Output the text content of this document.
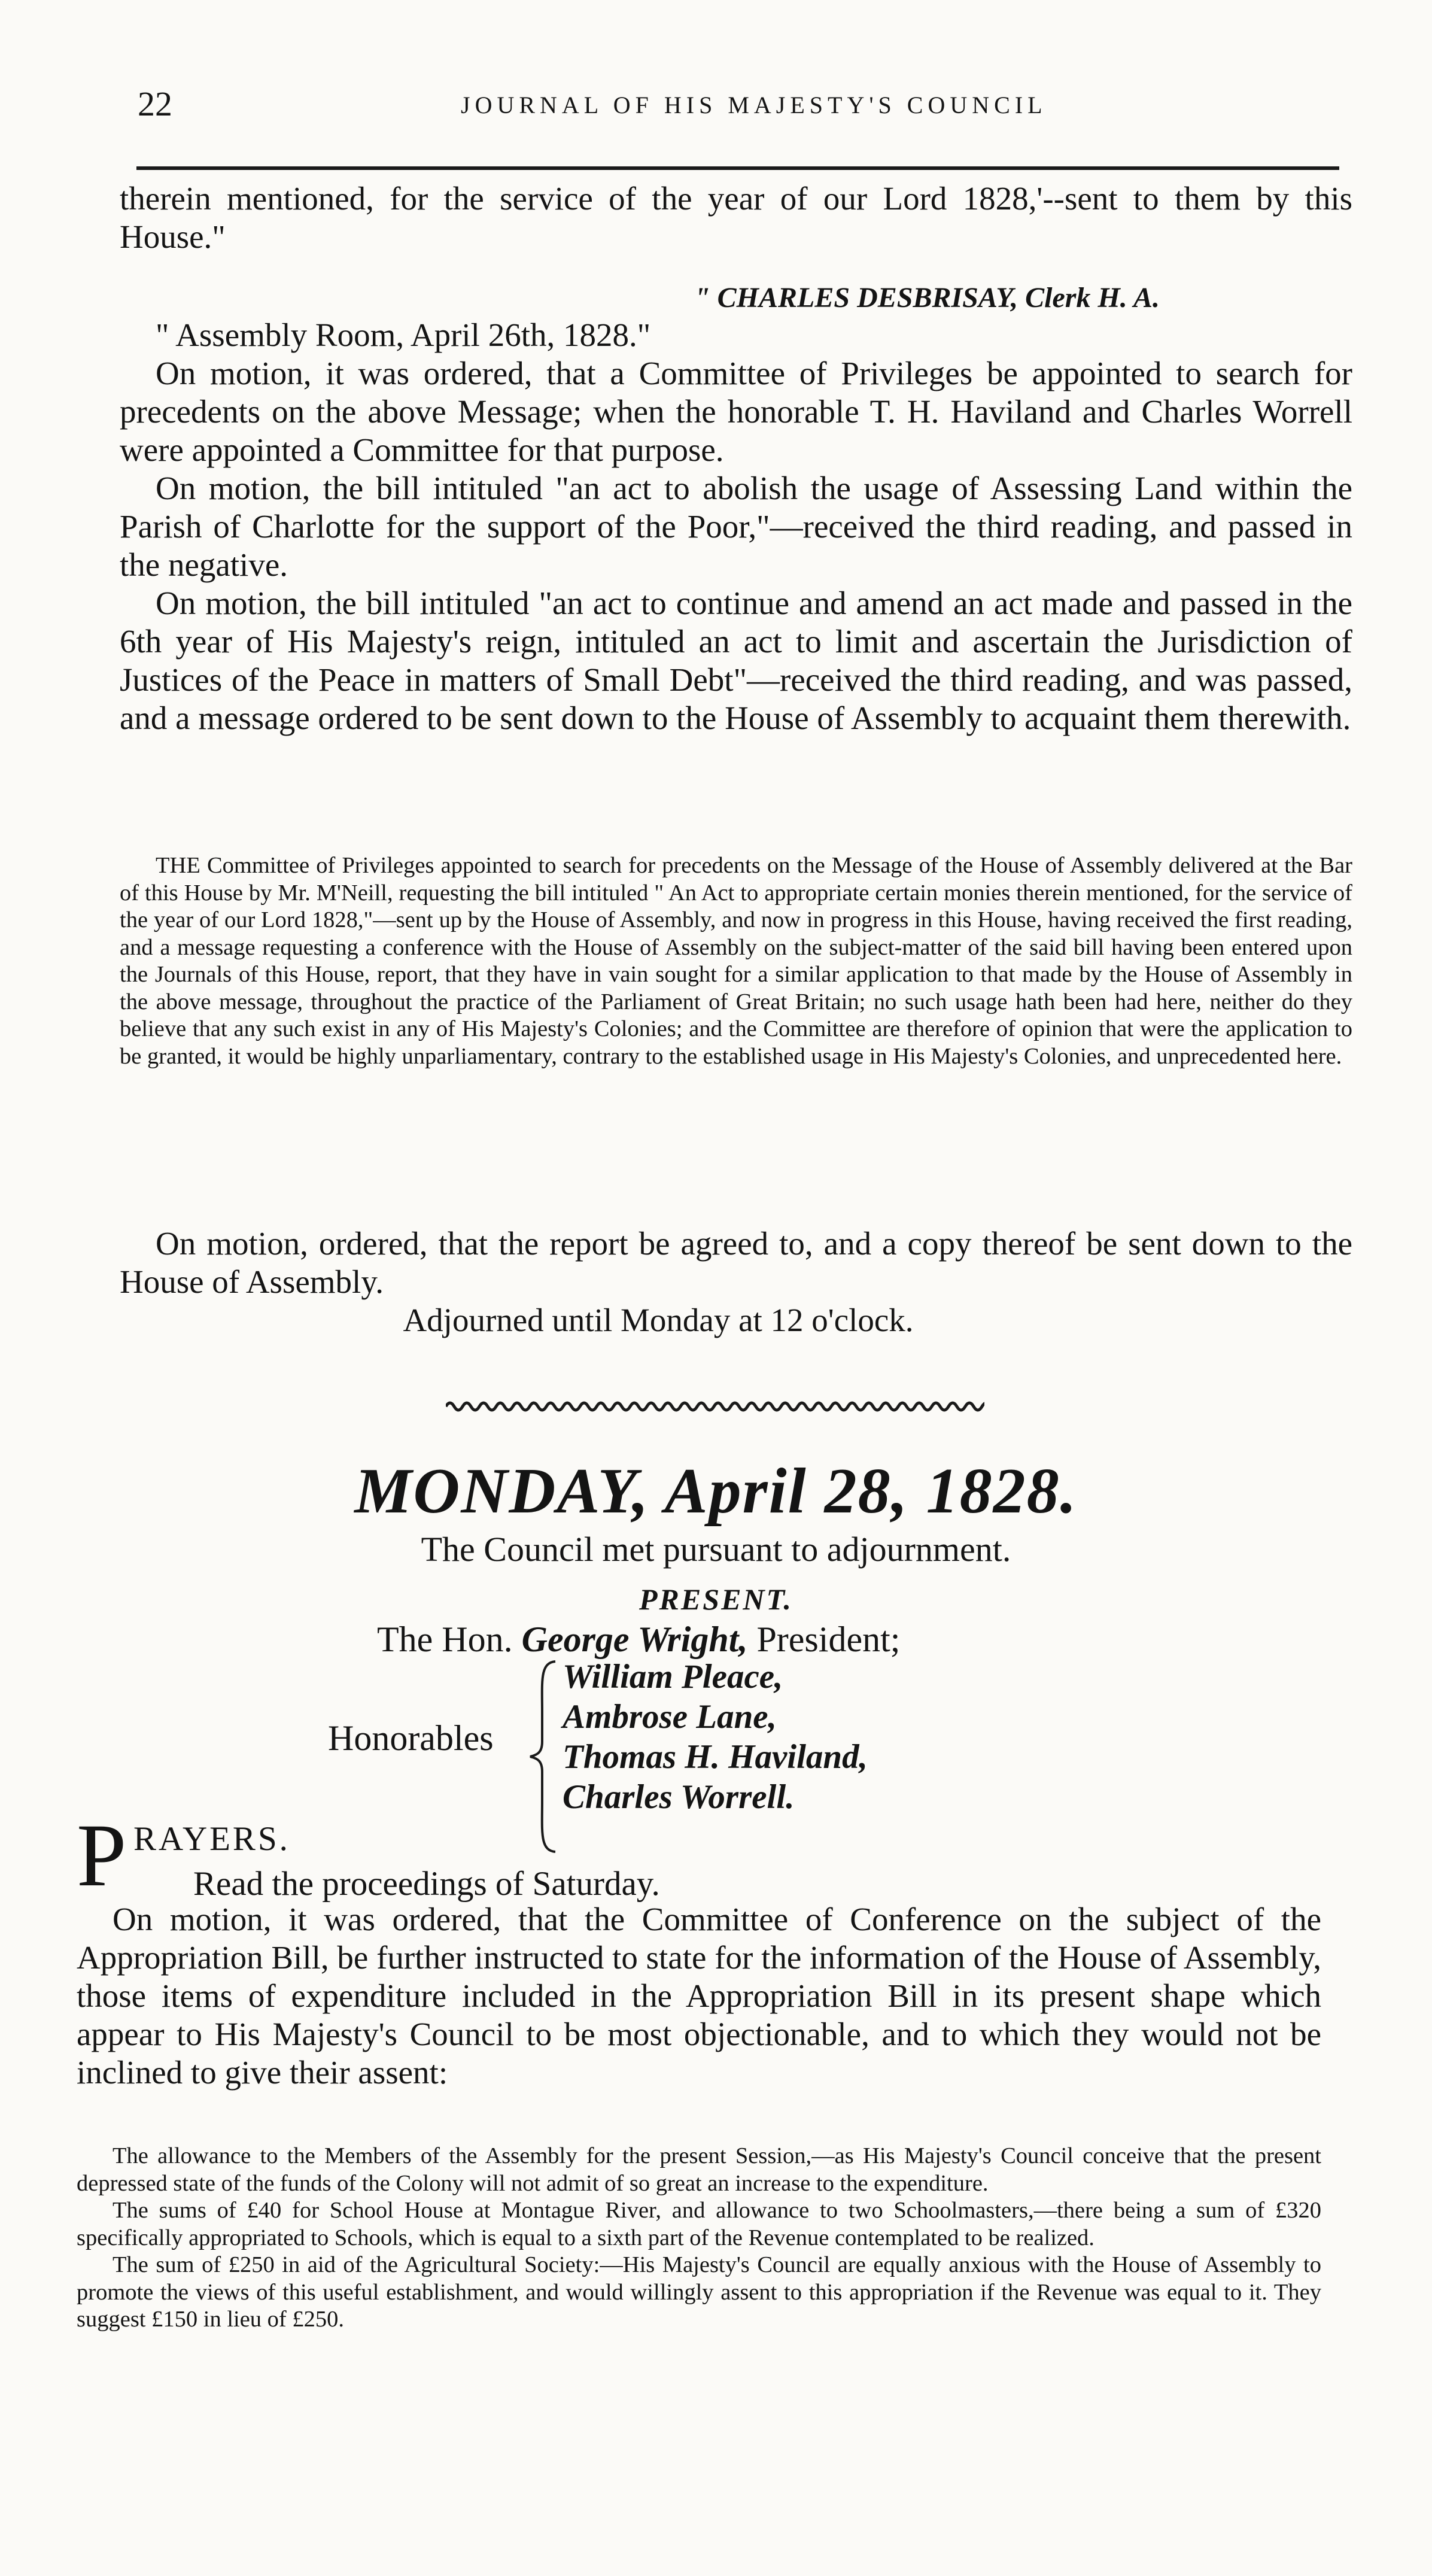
22	JOURNAL OF HIS MAJESTY'S COUNCIL

therein mentioned, for the service of the year of our Lord 1828,'--sent to them by this House."

" CHARLES DESBRISAY, Clerk H. A.

" Assembly Room, April 26th, 1828."

On motion, it was ordered, that a Committee of Privileges be appointed to search for precedents on the above Message; when the honorable T. H. Haviland and Charles Worrell were appointed a Committee for that purpose.

On motion, the bill intituled "an act to abolish the usage of Assessing Land within the Parish of Charlotte for the support of the Poor,"—received the third reading, and passed in the negative.

On motion, the bill intituled "an act to continue and amend an act made and passed in the 6th year of His Majesty's reign, intituled an act to limit and ascertain the Jurisdiction of Justices of the Peace in matters of Small Debt"—received the third reading, and was passed, and a message ordered to be sent down to the House of Assembly to acquaint them therewith.

THE Committee of Privileges appointed to search for precedents on the Message of the House of Assembly delivered at the Bar of this House by Mr. M'Neill, requesting the bill intituled " An Act to appropriate certain monies therein mentioned, for the service of the year of our Lord 1828,"—sent up by the House of Assembly, and now in progress in this House, having received the first reading, and a message requesting a conference with the House of Assembly on the subject-matter of the said bill having been entered upon the Journals of this House, report, that they have in vain sought for a similar application to that made by the House of Assembly in the above message, throughout the practice of the Parliament of Great Britain; no such usage hath been had here, neither do they believe that any such exist in any of His Majesty's Colonies; and the Committee are therefore of opinion that were the application to be granted, it would be highly unparliamentary, contrary to the established usage in His Majesty's Colonies, and unprecedented here.

On motion, ordered, that the report be agreed to, and a copy thereof be sent down to the House of Assembly.

Adjourned until Monday at 12 o'clock.

MONDAY, April 28, 1828.
The Council met pursuant to adjournment.
PRESENT.
The Hon. George Wright, President;
Honorables
William Pleace,
Ambrose Lane,
Thomas H. Haviland,
Charles Worrell.
P RAYERS.
Read the proceedings of Saturday.

On motion, it was ordered, that the Committee of Conference on the subject of the Appropriation Bill, be further instructed to state for the information of the House of Assembly, those items of expenditure included in the Appropriation Bill in its present shape which appear to His Majesty's Council to be most objectionable, and to which they would not be inclined to give their assent:

The allowance to the Members of the Assembly for the present Session,—as His Majesty's Council conceive that the present depressed state of the funds of the Colony will not admit of so great an increase to the expenditure.

The sums of £40 for School House at Montague River, and allowance to two Schoolmasters,—there being a sum of £320 specifically appropriated to Schools, which is equal to a sixth part of the Revenue contemplated to be realized.

The sum of £250 in aid of the Agricultural Society:—His Majesty's Council are equally anxious with the House of Assembly to promote the views of this useful establishment, and would willingly assent to this appropriation if the Revenue was equal to it. They suggest £150 in lieu of £250.
